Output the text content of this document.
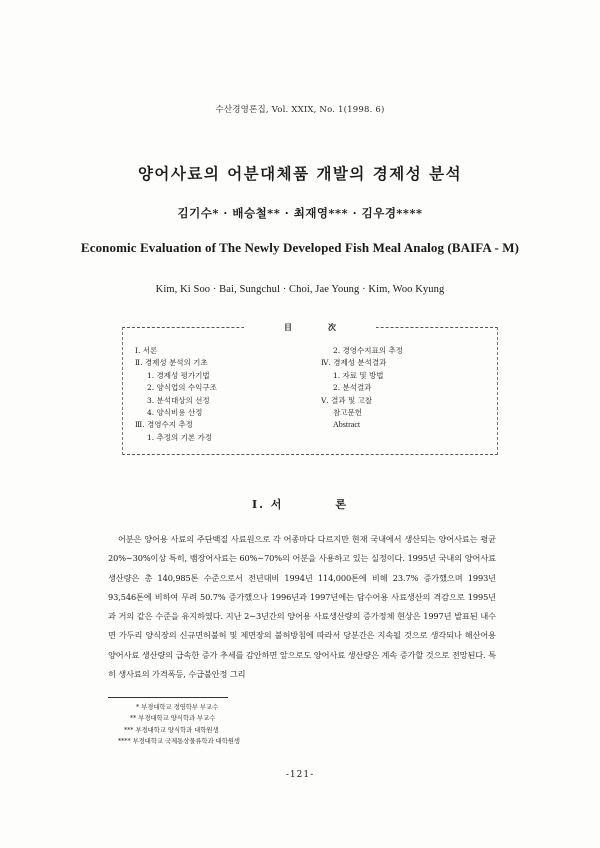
수산경영론집, Vol. XXIX, No. 1(1998. 6)
양어사료의 어분대체품 개발의 경제성 분석
김기수* · 배승철** · 최재영*** · 김우경****
Economic Evaluation of The Newly Developed Fish Meal Analog (BAIFA - M)
Kim, Ki Soo · Bai, Sungchul · Choi, Jae Young · Kim, Woo Kyung
目次
Ⅰ. 서론
Ⅱ. 경제성 분석의 기초
1. 경제성 평가기법
2. 양식업의 수익구조
3. 분석대상의 선정
4. 양식비용 산정
Ⅲ. 경영수지 추정
1. 추정의 기본 가정
2. 경영수지표의 추정
Ⅳ. 경제성 분석결과
1. 자료 및 방법
2. 분석결과
Ⅴ. 결과 및 고찰
참고문헌
Abstract
Ⅰ. 서	론
어분은 양어용 사료의 주단백질 사료원으로 각 어종마다 다르지만 현재 국내에서 생산되는 양어사료는 평균 20%∼30%이상 특히, 뱀장어사료는 60%∼70%의 어분을 사용하고 있는 실정이다. 1995년 국내의 양어사료 생산량은 총 140,985톤 수준으로서 전년대비 1994년 114,000톤에 비해 23.7% 증가했으며 1993년 93,546톤에 비하여 무려 50.7% 증가했으나 1996년과 1997년에는 담수어용 사료생산의 격감으로 1995년과 거의 같은 수준을 유지하였다. 지난 2∼3년간의 양어용 사료생산량의 증가정체 현상은 1997년 발표된 내수면 가두리 양식장의 신규면허불허 및 제면장의 불허방침에 따라서 당분간은 지속될 것으로 생각되나 해산어용 양어사료 생산량의 급속한 증가 추세를 감안하면 앞으로도 양어사료 생산량은 계속 증가할 것으로 전망된다. 특히 생사료의 가격폭등, 수급불안정 그리
* 부경대학교 경영학부 부교수
** 부경대학교 양식학과 부교수
*** 부경대학교 양식학과 대학원생
**** 부경대학교 국제통상물류학과 대학원생
-121-
